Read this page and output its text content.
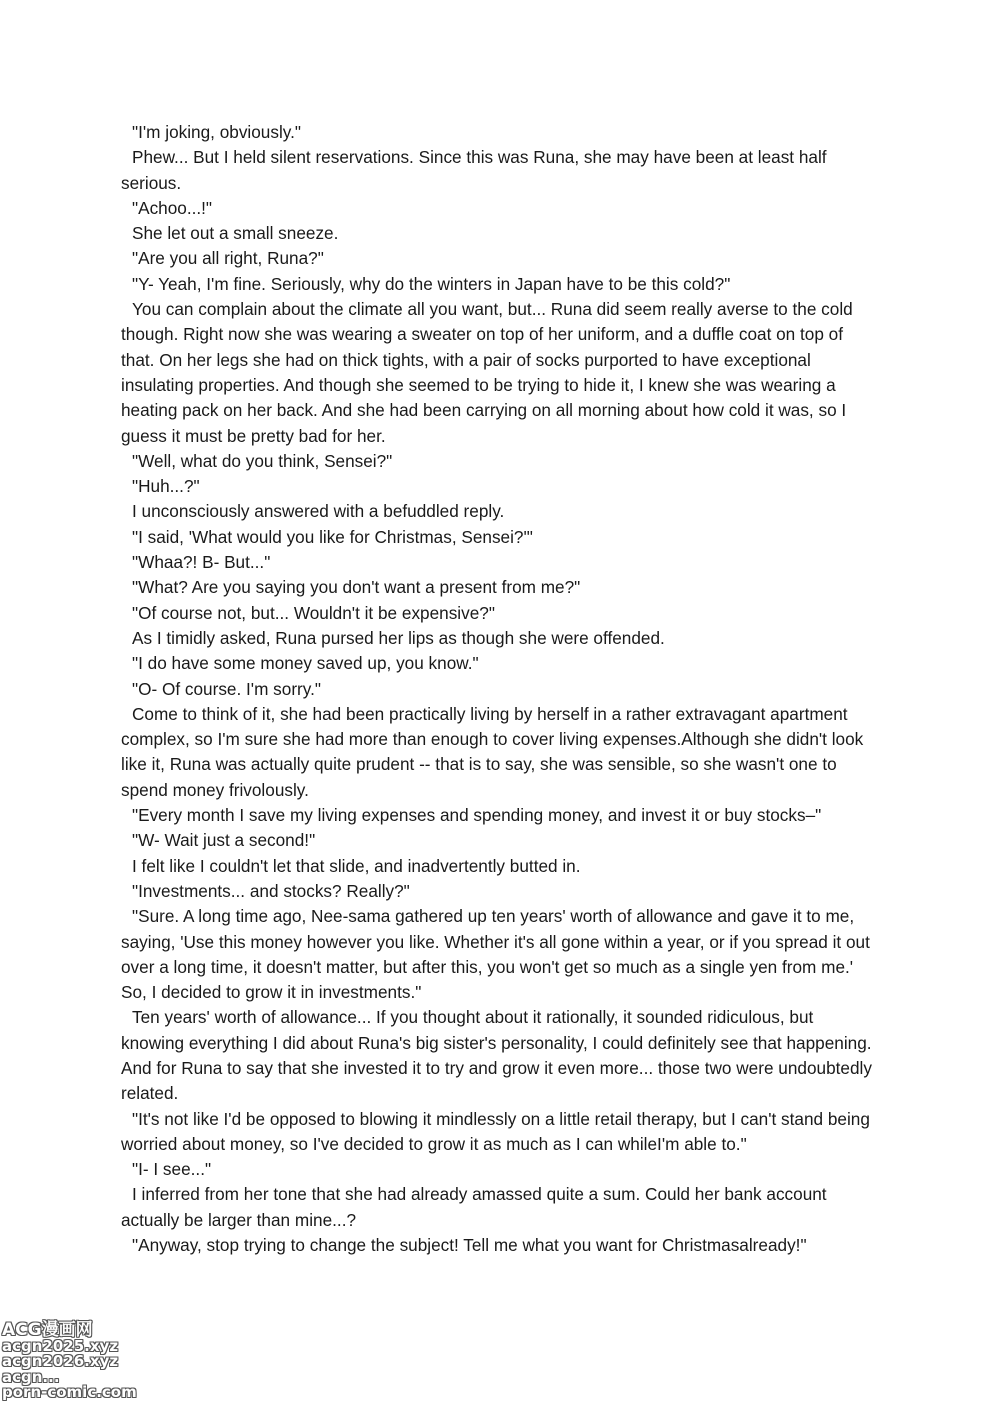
"I'm joking, obviously."

Phew... But I held silent reservations. Since this was Runa, she may have been at least half serious.

"Achoo...!"

She let out a small sneeze.

"Are you all right, Runa?"

"Y- Yeah, I'm fine. Seriously, why do the winters in Japan have to be this cold?"

You can complain about the climate all you want, but... Runa did seem really averse to the cold though. Right now she was wearing a sweater on top of her uniform, and a duffle coat on top of that. On her legs she had on thick tights, with a pair of socks purported to have exceptional insulating properties. And though she seemed to be trying to hide it, I knew she was wearing a heating pack on her back. And she had been carrying on all morning about how cold it was, so I guess it must be pretty bad for her.

"Well, what do you think, Sensei?"

"Huh...?"

I unconsciously answered with a befuddled reply.

"I said, 'What would you like for Christmas, Sensei?'"

"Whaa?! B- But..."

"What? Are you saying you don't want a present from me?"

"Of course not, but... Wouldn't it be expensive?"

As I timidly asked, Runa pursed her lips as though she were offended.

"I do have some money saved up, you know."

"O- Of course. I'm sorry."

Come to think of it, she had been practically living by herself in a rather extravagant apartment complex, so I'm sure she had more than enough to cover living expenses.Although she didn't look like it, Runa was actually quite prudent -- that is to say, she was sensible, so she wasn't one to spend money frivolously.

"Every month I save my living expenses and spending money, and invest it or buy stocks–"

"W- Wait just a second!"

I felt like I couldn't let that slide, and inadvertently butted in.

"Investments... and stocks? Really?"

"Sure. A long time ago, Nee-sama gathered up ten years' worth of allowance and gave it to me, saying, 'Use this money however you like. Whether it's all gone within a year, or if you spread it out over a long time, it doesn't matter, but after this, you won't get so much as a single yen from me.' So, I decided to grow it in investments."

Ten years' worth of allowance... If you thought about it rationally, it sounded ridiculous, but knowing everything I did about Runa's big sister's personality, I could definitely see that happening. And for Runa to say that she invested it to try and grow it even more... those two were undoubtedly related.

"It's not like I'd be opposed to blowing it mindlessly on a little retail therapy, but I can't stand being worried about money, so I've decided to grow it as much as I can whileI'm able to."

"I- I see..."

I inferred from her tone that she had already amassed quite a sum. Could her bank account actually be larger than mine...?

"Anyway, stop trying to change the subject! Tell me what you want for Christmasalready!"

ACG漫画网
acgn2025.xyz
acgn2026.xyz
acgn...
porn-comic.com
